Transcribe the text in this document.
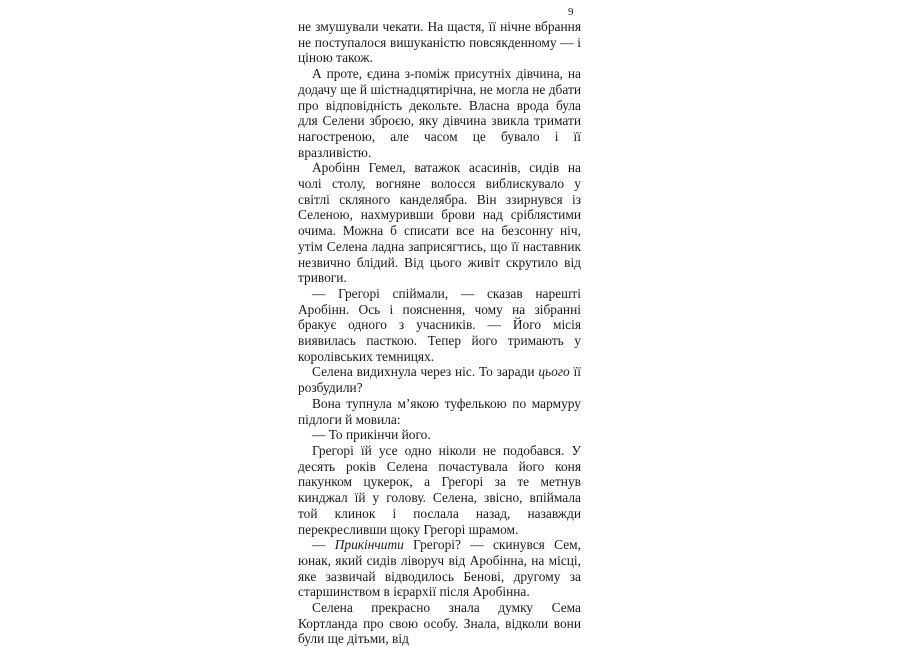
9

не змушували чекати. На щастя, її нічне вбрання не поступалося вишуканістю повсякденному — і ціною також.

А проте, єдина з-поміж присутніх дівчина, на додачу ще й шістнадцятирічна, не могла не дбати про відповідність декольте. Власна врода була для Селени зброєю, яку дівчина звикла тримати нагостреною, але часом це бувало і її вразливістю.

Аробінн Гемел, ватажок асасинів, сидів на чолі столу, вогняне волосся виблискувало у світлі скляного канделябра. Він ззирнувся із Селеною, нахмуривши брови над сріблястими очима. Можна б списати все на безсонну ніч, утім Селена ладна заприсягтись, що її наставник незвично блідий. Від цього живіт скрутило від тривоги.

— Грегорі спіймали, — сказав нарешті Аробінн. Ось і пояснення, чому на зібранні бракує одного з учасників. — Його місія виявилась пасткою. Тепер його тримають у королівських темницях.

Селена видихнула через ніс. То заради цього її розбудили?

Вона тупнула м’якою туфелькою по мармуру підлоги й мовила:

— То прикінчи його.

Грегорі їй усе одно ніколи не подобався. У десять років Селена почастувала його коня пакунком цукерок, а Грегорі за те метнув кинджал їй у голову. Селена, звісно, впіймала той клинок і послала назад, назавжди перекресливши щоку Грегорі шрамом.

— Прикінчити Грегорі? — скинувся Сем, юнак, який сидів ліворуч від Аробінна, на місці, яке зазвичай відводилось Бенові, другому за старшинством в ієрархії після Аробінна.

Селена прекрасно знала думку Сема Кортланда про свою особу. Знала, відколи вони були ще дітьми, від
